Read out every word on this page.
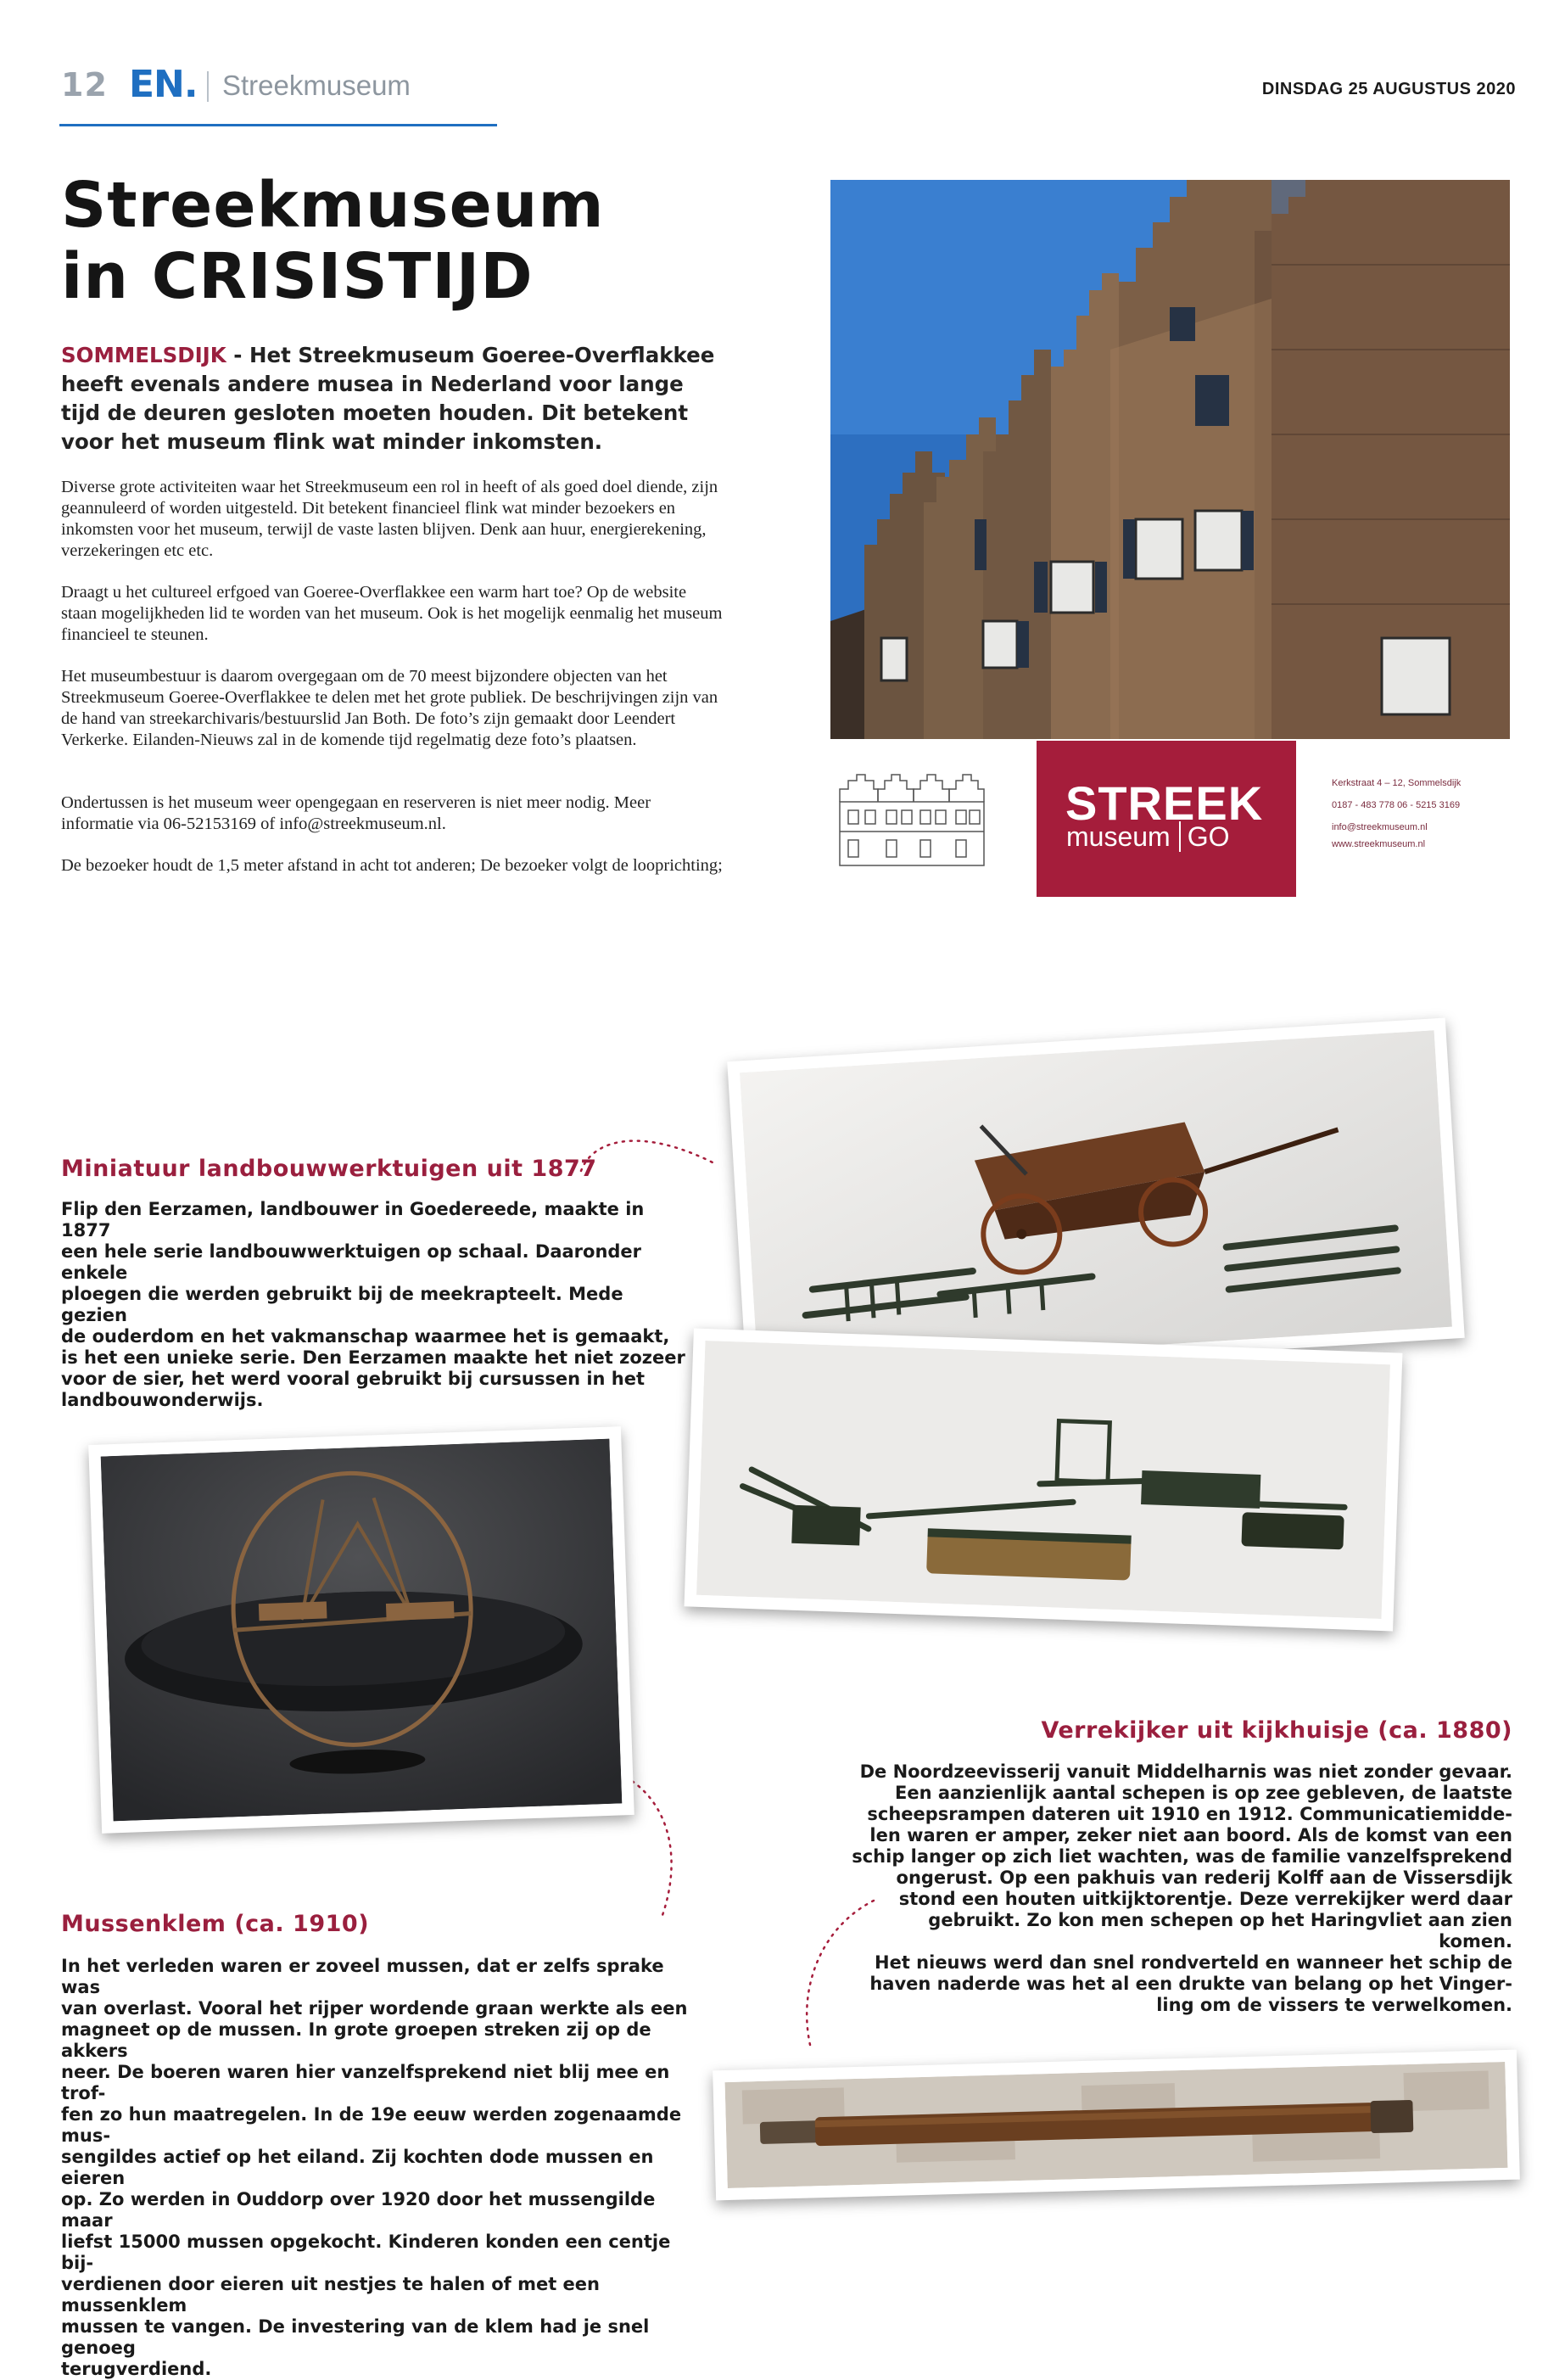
12 EN. Streekmuseum	DINSDAG 25 AUGUSTUS 2020
Streekmuseum
in CRISISTIJD
SOMMELSDIJK - Het Streekmuseum Goeree-Overflakkee heeft evenals andere musea in Nederland voor lange tijd de deuren gesloten moeten houden. Dit betekent voor het museum flink wat minder inkomsten.

Diverse grote activiteiten waar het Streekmuseum een rol in heeft of als goed doel diende, zijn geannuleerd of worden uitgesteld. Dit betekent financieel flink wat minder bezoekers en inkomsten voor het museum, terwijl de vaste lasten blijven. Denk aan huur, energierekening, verzekeringen etc etc.

Draagt u het cultureel erfgoed van Goeree-Overflakkee een warm hart toe? Op de website staan mogelijkheden lid te worden van het museum. Ook is het mogelijk eenmalig het museum financieel te steunen.

Het museumbestuur is daarom overgegaan om de 70 meest bijzondere objecten van het Streekmuseum Goeree-Overflakkee te delen met het grote publiek. De beschrijvingen zijn van de hand van streekarchivaris/bestuurslid Jan Both. De foto’s zijn gemaakt door Leendert Verkerke. Eilanden-Nieuws zal in de komende tijd regelmatig deze foto’s plaatsen.

Ondertussen is het museum weer opengegaan en reserveren is niet meer nodig. Meer informatie via 06-52153169 of info@streekmuseum.nl.

De bezoeker houdt de 1,5 meter afstand in acht tot anderen; De bezoeker volgt de looprichting;

STREEK
museum GO
Kerkstraat 4 – 12, Sommelsdijk
0187 - 483 778 06 - 5215 3169
info@streekmuseum.nl
www.streekmuseum.nl
Miniatuur landbouwwerktuigen uit 1877
Flip den Eerzamen, landbouwer in Goedereede, maakte in 1877
een hele serie landbouwwerktuigen op schaal. Daaronder enkele
ploegen die werden gebruikt bij de meekrapteelt. Mede gezien
de ouderdom en het vakmanschap waarmee het is gemaakt,
is het een unieke serie. Den Eerzamen maakte het niet zozeer
voor de sier, het werd vooral gebruikt bij cursussen in het
landbouwonderwijs.
Mussenklem (ca. 1910)
In het verleden waren er zoveel mussen, dat er zelfs sprake was
van overlast. Vooral het rijper wordende graan werkte als een
magneet op de mussen. In grote groepen streken zij op de akkers
neer. De boeren waren hier vanzelfsprekend niet blij mee en trof-
fen zo hun maatregelen. In de 19e eeuw werden zogenaamde mus-
sengildes actief op het eiland. Zij kochten dode mussen en eieren
op. Zo werden in Ouddorp over 1920 door het mussengilde maar
liefst 15000 mussen opgekocht. Kinderen konden een centje bij-
verdienen door eieren uit nestjes te halen of met een mussenklem
mussen te vangen. De investering van de klem had je snel genoeg
terugverdiend.
Verrekijker uit kijkhuisje (ca. 1880)
De Noordzeevisserij vanuit Middelharnis was niet zonder gevaar.
Een aanzienlijk aantal schepen is op zee gebleven, de laatste
scheepsrampen dateren uit 1910 en 1912. Communicatiemidde-
len waren er amper, zeker niet aan boord. Als de komst van een
schip langer op zich liet wachten, was de familie vanzelfsprekend
ongerust. Op een pakhuis van rederij Kolff aan de Vissersdijk
stond een houten uitkijktorentje. Deze verrekijker werd daar
gebruikt. Zo kon men schepen op het Haringvliet aan zien komen.
Het nieuws werd dan snel rondverteld en wanneer het schip de
haven naderde was het al een drukte van belang op het Vinger-
ling om de vissers te verwelkomen.
